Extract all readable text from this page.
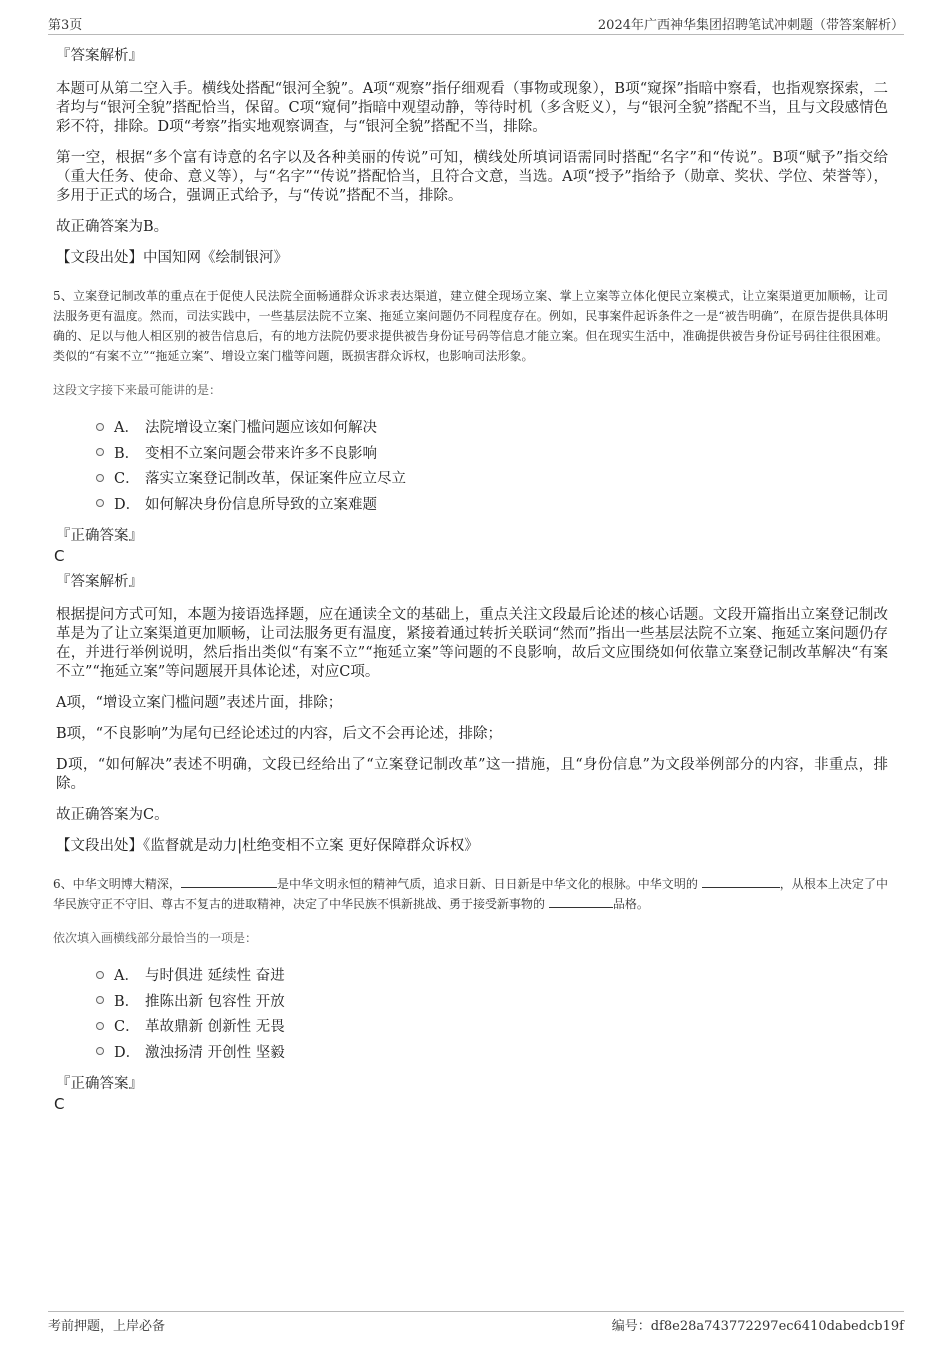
第3页	2024年广西神华集团招聘笔试冲刺题（带答案解析）
『答案解析』
本题可从第二空入手。横线处搭配“银河全貌”。A项“观察”指仔细观看（事物或现象），B项“窥探”指暗中察看，也指观察探索，二者均与“银河全貌”搭配恰当，保留。C项“窥伺”指暗中观望动静，等待时机（多含贬义），与“银河全貌”搭配不当，且与文段感情色彩不符，排除。D项“考察”指实地观察调查，与“银河全貌”搭配不当，排除。
第一空，根据“多个富有诗意的名字以及各种美丽的传说”可知，横线处所填词语需同时搭配“名字”和“传说”。B项“赋予”指交给（重大任务、使命、意义等），与“名字”“传说”搭配恰当，且符合文意，当选。A项“授予”指给予（勋章、奖状、学位、荣誉等），多用于正式的场合，强调正式给予，与“传说”搭配不当，排除。
故正确答案为B。
【文段出处】中国知网《绘制银河》
5、立案登记制改革的重点在于促使人民法院全面畅通群众诉求表达渠道，建立健全现场立案、掌上立案等立体化便民立案模式，让立案渠道更加顺畅，让司法服务更有温度。然而，司法实践中，一些基层法院不立案、拖延立案问题仍不同程度存在。例如，民事案件起诉条件之一是“被告明确”，在原告提供具体明确的、足以与他人相区别的被告信息后，有的地方法院仍要求提供被告身份证号码等信息才能立案。但在现实生活中，准确提供被告身份证号码往往很困难。类似的“有案不立”“拖延立案”、增设立案门槛等问题，既损害群众诉权，也影响司法形象。
这段文字接下来最可能讲的是：
A． 法院增设立案门槛问题应该如何解决
B． 变相不立案问题会带来许多不良影响
C． 落实立案登记制改革，保证案件应立尽立
D． 如何解决身份信息所导致的立案难题
『正确答案』
C
『答案解析』
根据提问方式可知，本题为接语选择题，应在通读全文的基础上，重点关注文段最后论述的核心话题。文段开篇指出立案登记制改革是为了让立案渠道更加顺畅，让司法服务更有温度，紧接着通过转折关联词“然而”指出一些基层法院不立案、拖延立案问题仍存在，并进行举例说明，然后指出类似“有案不立”“拖延立案”等问题的不良影响，故后文应围绕如何依靠立案登记制改革解决“有案不立”“拖延立案”等问题展开具体论述，对应C项。
A项，“增设立案门槛问题”表述片面，排除；
B项，“不良影响”为尾句已经论述过的内容，后文不会再论述，排除；
D项，“如何解决”表述不明确，文段已经给出了“立案登记制改革”这一措施，且“身份信息”为文段举例部分的内容，非重点，排除。
故正确答案为C。
【文段出处】《监督就是动力|杜绝变相不立案 更好保障群众诉权》
6、中华文明博大精深，	是中华文明永恒的精神气质，追求日新、日日新是中华文化的根脉。中华文明的	，从根本上决定了中华民族守正不守旧、尊古不复古的进取精神，决定了中华民族不惧新挑战、勇于接受新事物的	品格。
依次填入画横线部分最恰当的一项是：
A． 与时俱进 延续性 奋进
B． 推陈出新 包容性 开放
C． 革故鼎新 创新性 无畏
D． 激浊扬清 开创性 坚毅
『正确答案』
C
考前押题，上岸必备	编号：df8e28a743772297ec6410dabedcb19f
